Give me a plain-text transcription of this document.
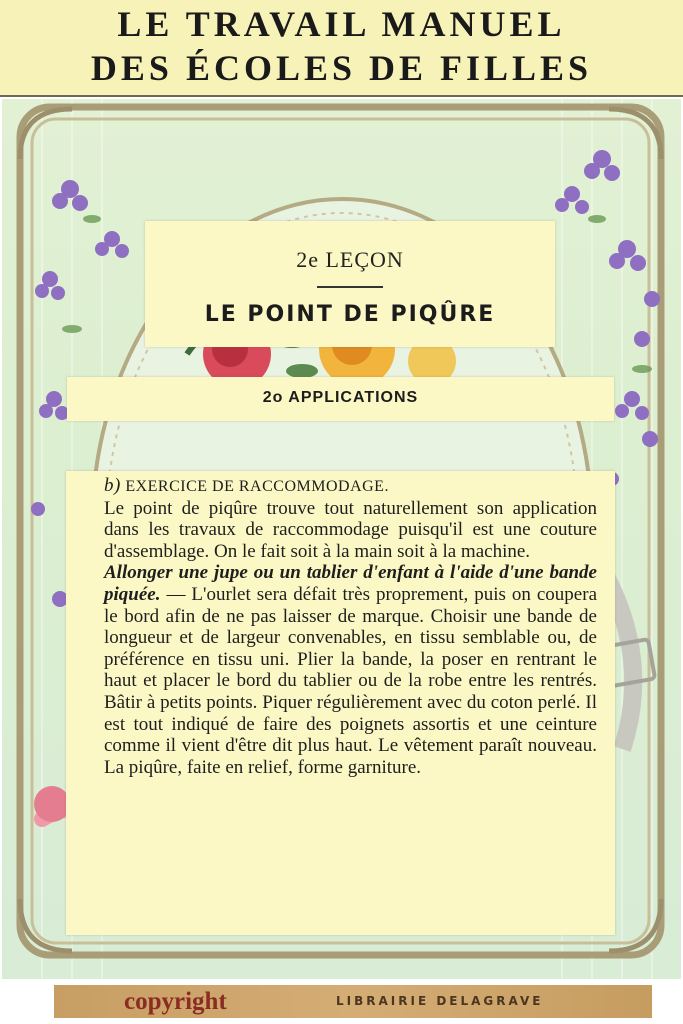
LE TRAVAIL MANUEL
DES ÉCOLES DE FILLES
2e LEÇON
LE POINT DE PIQÛRE
2o APPLICATIONS

b) EXERCICE DE RACCOMMODAGE.

Le point de piqûre trouve tout naturellement son application dans les travaux de raccommodage puisqu'il est une couture d'assemblage. On le fait soit à la main soit à la machine.

Allonger une jupe ou un tablier d'enfant à l'aide d'une bande piquée. — L'ourlet sera défait très proprement, puis on coupera le bord afin de ne pas laisser de marque. Choisir une bande de longueur et de largeur convenables, en tissu semblable ou, de préférence en tissu uni. Plier la bande, la poser en rentrant le haut et placer le bord du tablier ou de la robe entre les rentrés. Bâtir à petits points. Piquer régulièrement avec du coton perlé. Il est tout indiqué de faire des poignets assortis et une ceinture comme il vient d'être dit plus haut. Le vêtement paraît nouveau. La piqûre, faite en relief, forme garniture.

copyright	LIBRAIRIE DELAGRAVE
